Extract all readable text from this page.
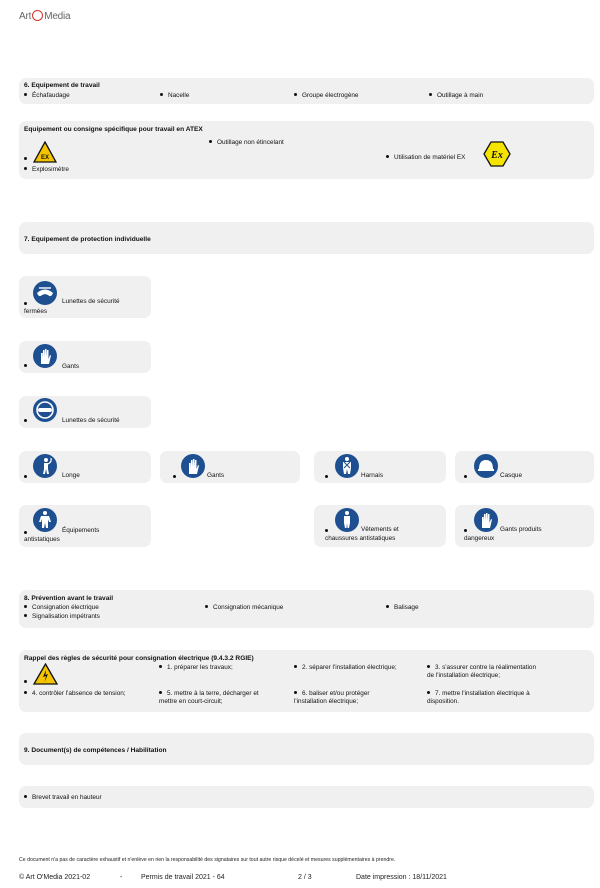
Art Media
6. Equipement de travail
Échafaudage	Nacelle	Groupe électrogène	Outillage à main
Equipement ou consigne spécifique pour travail en ATEX
Outillage non étincelant
EX
Explosimètre
Utilisation de matériel EX	Ex
7. Equipement de protection individuelle
Lunettes de sécurité
fermées
Gants
Lunettes de sécurité
Longe	Gants	Harnais	Casque
Équipements
antistatiques
Vêtements et
chaussures antistatiques
Gants produits
dangereux
8. Prévention avant le travail
Consignation électrique	Consignation mécanique	Balisage
Signalisation impétrants
Rappel des règles de sécurité pour consignation électrique (9.4.3.2 RGIE)
1. préparer les travaux;	2. séparer l'installation électrique;	3. s'assurer contre la réalimentation
de l'installation électrique;
4. contrôler l'absence de tension;	5. mettre à la terre, décharger et
mettre en court-circuit;
6. baliser et/ou protéger
l'installation électrique;
7. mettre l'installation électrique à
disposition.
9. Document(s) de compétences / Habilitation
Brevet travail en hauteur
Ce document n'a pas de caractère exhaustif et n'enlève en rien la responsabilité des signataires sur tout autre risque décelé et mesures supplémentaires à prendre.
© Art O'Media 2021-02	-	Permis de travail 2021 - 64	2 / 3	Date impression : 18/11/2021
